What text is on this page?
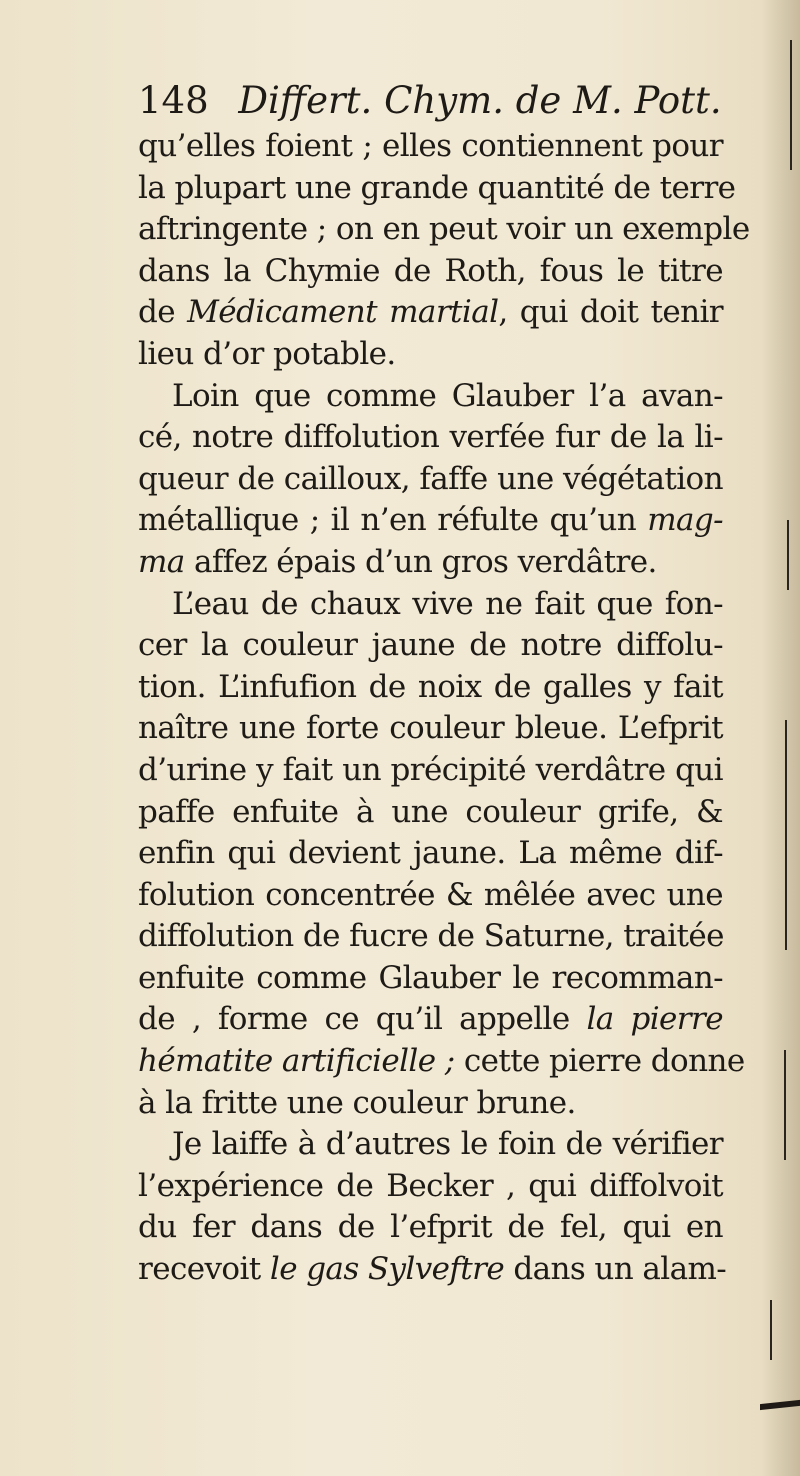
148 Differt. Chym. de M. Pott.
qu’elles foient ; elles contiennent pour
la plupart une grande quantité de terre
aftringente ; on en peut voir un exemple
dans la Chymie de Roth, fous le titre
de Médicament martial, qui doit tenir
lieu d’or potable.
Loin que comme Glauber l’a avan-
cé, notre diffolution verfée fur de la li-
queur de cailloux, faffe une végétation
métallique ; il n’en réfulte qu’un mag-
ma affez épais d’un gros verdâtre.
L’eau de chaux vive ne fait que fon-
cer la couleur jaune de notre diffolu-
tion. L’infufion de noix de galles y fait
naître une forte couleur bleue. L’efprit
d’urine y fait un précipité verdâtre qui
paffe enfuite à une couleur grife, &
enfin qui devient jaune. La même dif-
folution concentrée & mêlée avec une
diffolution de fucre de Saturne, traitée
enfuite comme Glauber le recomman-
de , forme ce qu’il appelle la pierre
hématite artificielle ; cette pierre donne
à la fritte une couleur brune.
Je laiffe à d’autres le foin de vérifier
l’expérience de Becker , qui diffolvoit
du fer dans de l’efprit de fel, qui en
recevoit le gas Sylveftre dans un alam-
